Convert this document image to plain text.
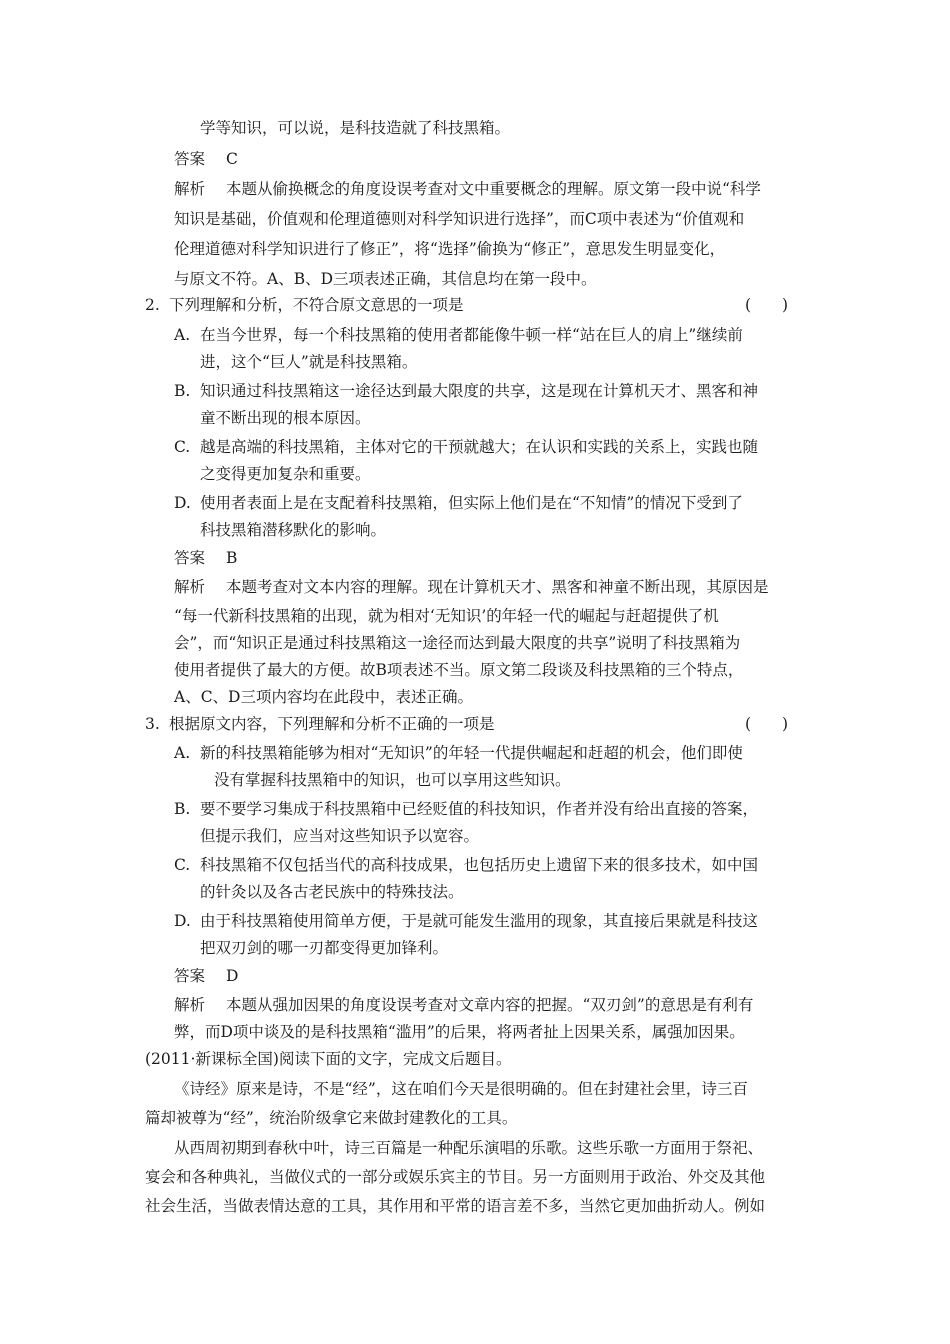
学等知识，可以说，是科技造就了科技黑箱。
答案 C
解析 本题从偷换概念的角度设误考查对文中重要概念的理解。原文第一段中说“科学
知识是基础，价值观和伦理道德则对科学知识进行选择”，而C项中表述为“价值观和
伦理道德对科学知识进行了修正”，将“选择”偷换为“修正”，意思发生明显变化，
与原文不符。A、B、D三项表述正确，其信息均在第一段中。
2. 下列理解和分析，不符合原文意思的一项是	(　　)
A. 在当今世界，每一个科技黑箱的使用者都能像牛顿一样“站在巨人的肩上”继续前
进，这个“巨人”就是科技黑箱。
B. 知识通过科技黑箱这一途径达到最大限度的共享，这是现在计算机天才、黑客和神
童不断出现的根本原因。
C. 越是高端的科技黑箱，主体对它的干预就越大；在认识和实践的关系上，实践也随
之变得更加复杂和重要。
D. 使用者表面上是在支配着科技黑箱，但实际上他们是在“不知情”的情况下受到了
科技黑箱潜移默化的影响。
答案 B
解析 本题考查对文本内容的理解。现在计算机天才、黑客和神童不断出现，其原因是
“每一代新科技黑箱的出现，就为相对‘无知识’的年轻一代的崛起与赶超提供了机
会”，而“知识正是通过科技黑箱这一途径而达到最大限度的共享”说明了科技黑箱为
使用者提供了最大的方便。故B项表述不当。原文第二段谈及科技黑箱的三个特点，
A、C、D三项内容均在此段中，表述正确。
3. 根据原文内容，下列理解和分析不正确的一项是	(　　)
A. 新的科技黑箱能够为相对“无知识”的年轻一代提供崛起和赶超的机会，他们即使
没有掌握科技黑箱中的知识，也可以享用这些知识。
B. 要不要学习集成于科技黑箱中已经贬值的科技知识，作者并没有给出直接的答案，
但提示我们，应当对这些知识予以宽容。
C. 科技黑箱不仅包括当代的高科技成果，也包括历史上遗留下来的很多技术，如中国
的针灸以及各古老民族中的特殊技法。
D. 由于科技黑箱使用简单方便，于是就可能发生滥用的现象，其直接后果就是科技这
把双刃剑的哪一刃都变得更加锋利。
答案 D
解析 本题从强加因果的角度设误考查对文章内容的把握。“双刃剑”的意思是有利有
弊，而D项中谈及的是科技黑箱“滥用”的后果，将两者扯上因果关系，属强加因果。
(2011·新课标全国)阅读下面的文字，完成文后题目。
《诗经》原来是诗，不是“经”，这在咱们今天是很明确的。但在封建社会里，诗三百
篇却被尊为“经”，统治阶级拿它来做封建教化的工具。
从西周初期到春秋中叶，诗三百篇是一种配乐演唱的乐歌。这些乐歌一方面用于祭祀、
宴会和各种典礼，当做仪式的一部分或娱乐宾主的节目。另一方面则用于政治、外交及其他
社会生活，当做表情达意的工具，其作用和平常的语言差不多，当然它更加曲折动人。例如
